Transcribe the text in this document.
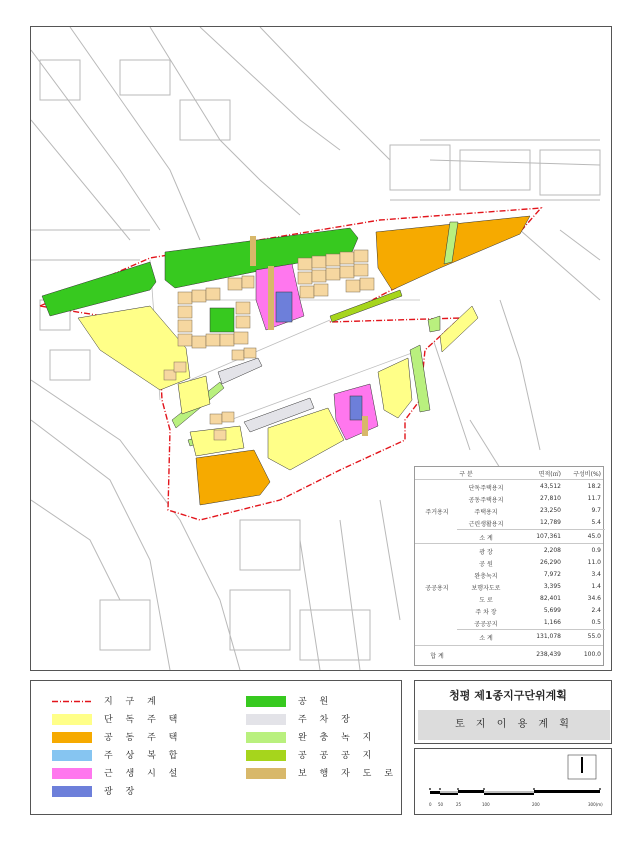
구 분	면적(㎡)	구성비(%)
단독주택용지	43,512	18.2
공동주택용지	27,810	11.7
주거용지	주택용지	23,250	9.7
근린생활용지	12,789	5.4
소 계	107,361	45.0
광 장	2,208	0.9
공 원	26,290	11.0
완충녹지	7,972	3.4
공공용지	보행자도로	3,395	1.4
도 로	82,401	34.6
주 차 장	5,699	2.4
공공공지	1,166	0.5
소 계	131,078	55.0
합 계	238,439	100.0
지 구 계
단 독 주 택
공 동 주 택
주 상 복 합
근 생 시 설
광 장
공 원
주 차 장
완 충 녹 지
공 공 공 지
보 행 자 도 로
청평 제1종지구단위계획
토 지 이 용 계 획
0 50	25	100	200	300(m)
